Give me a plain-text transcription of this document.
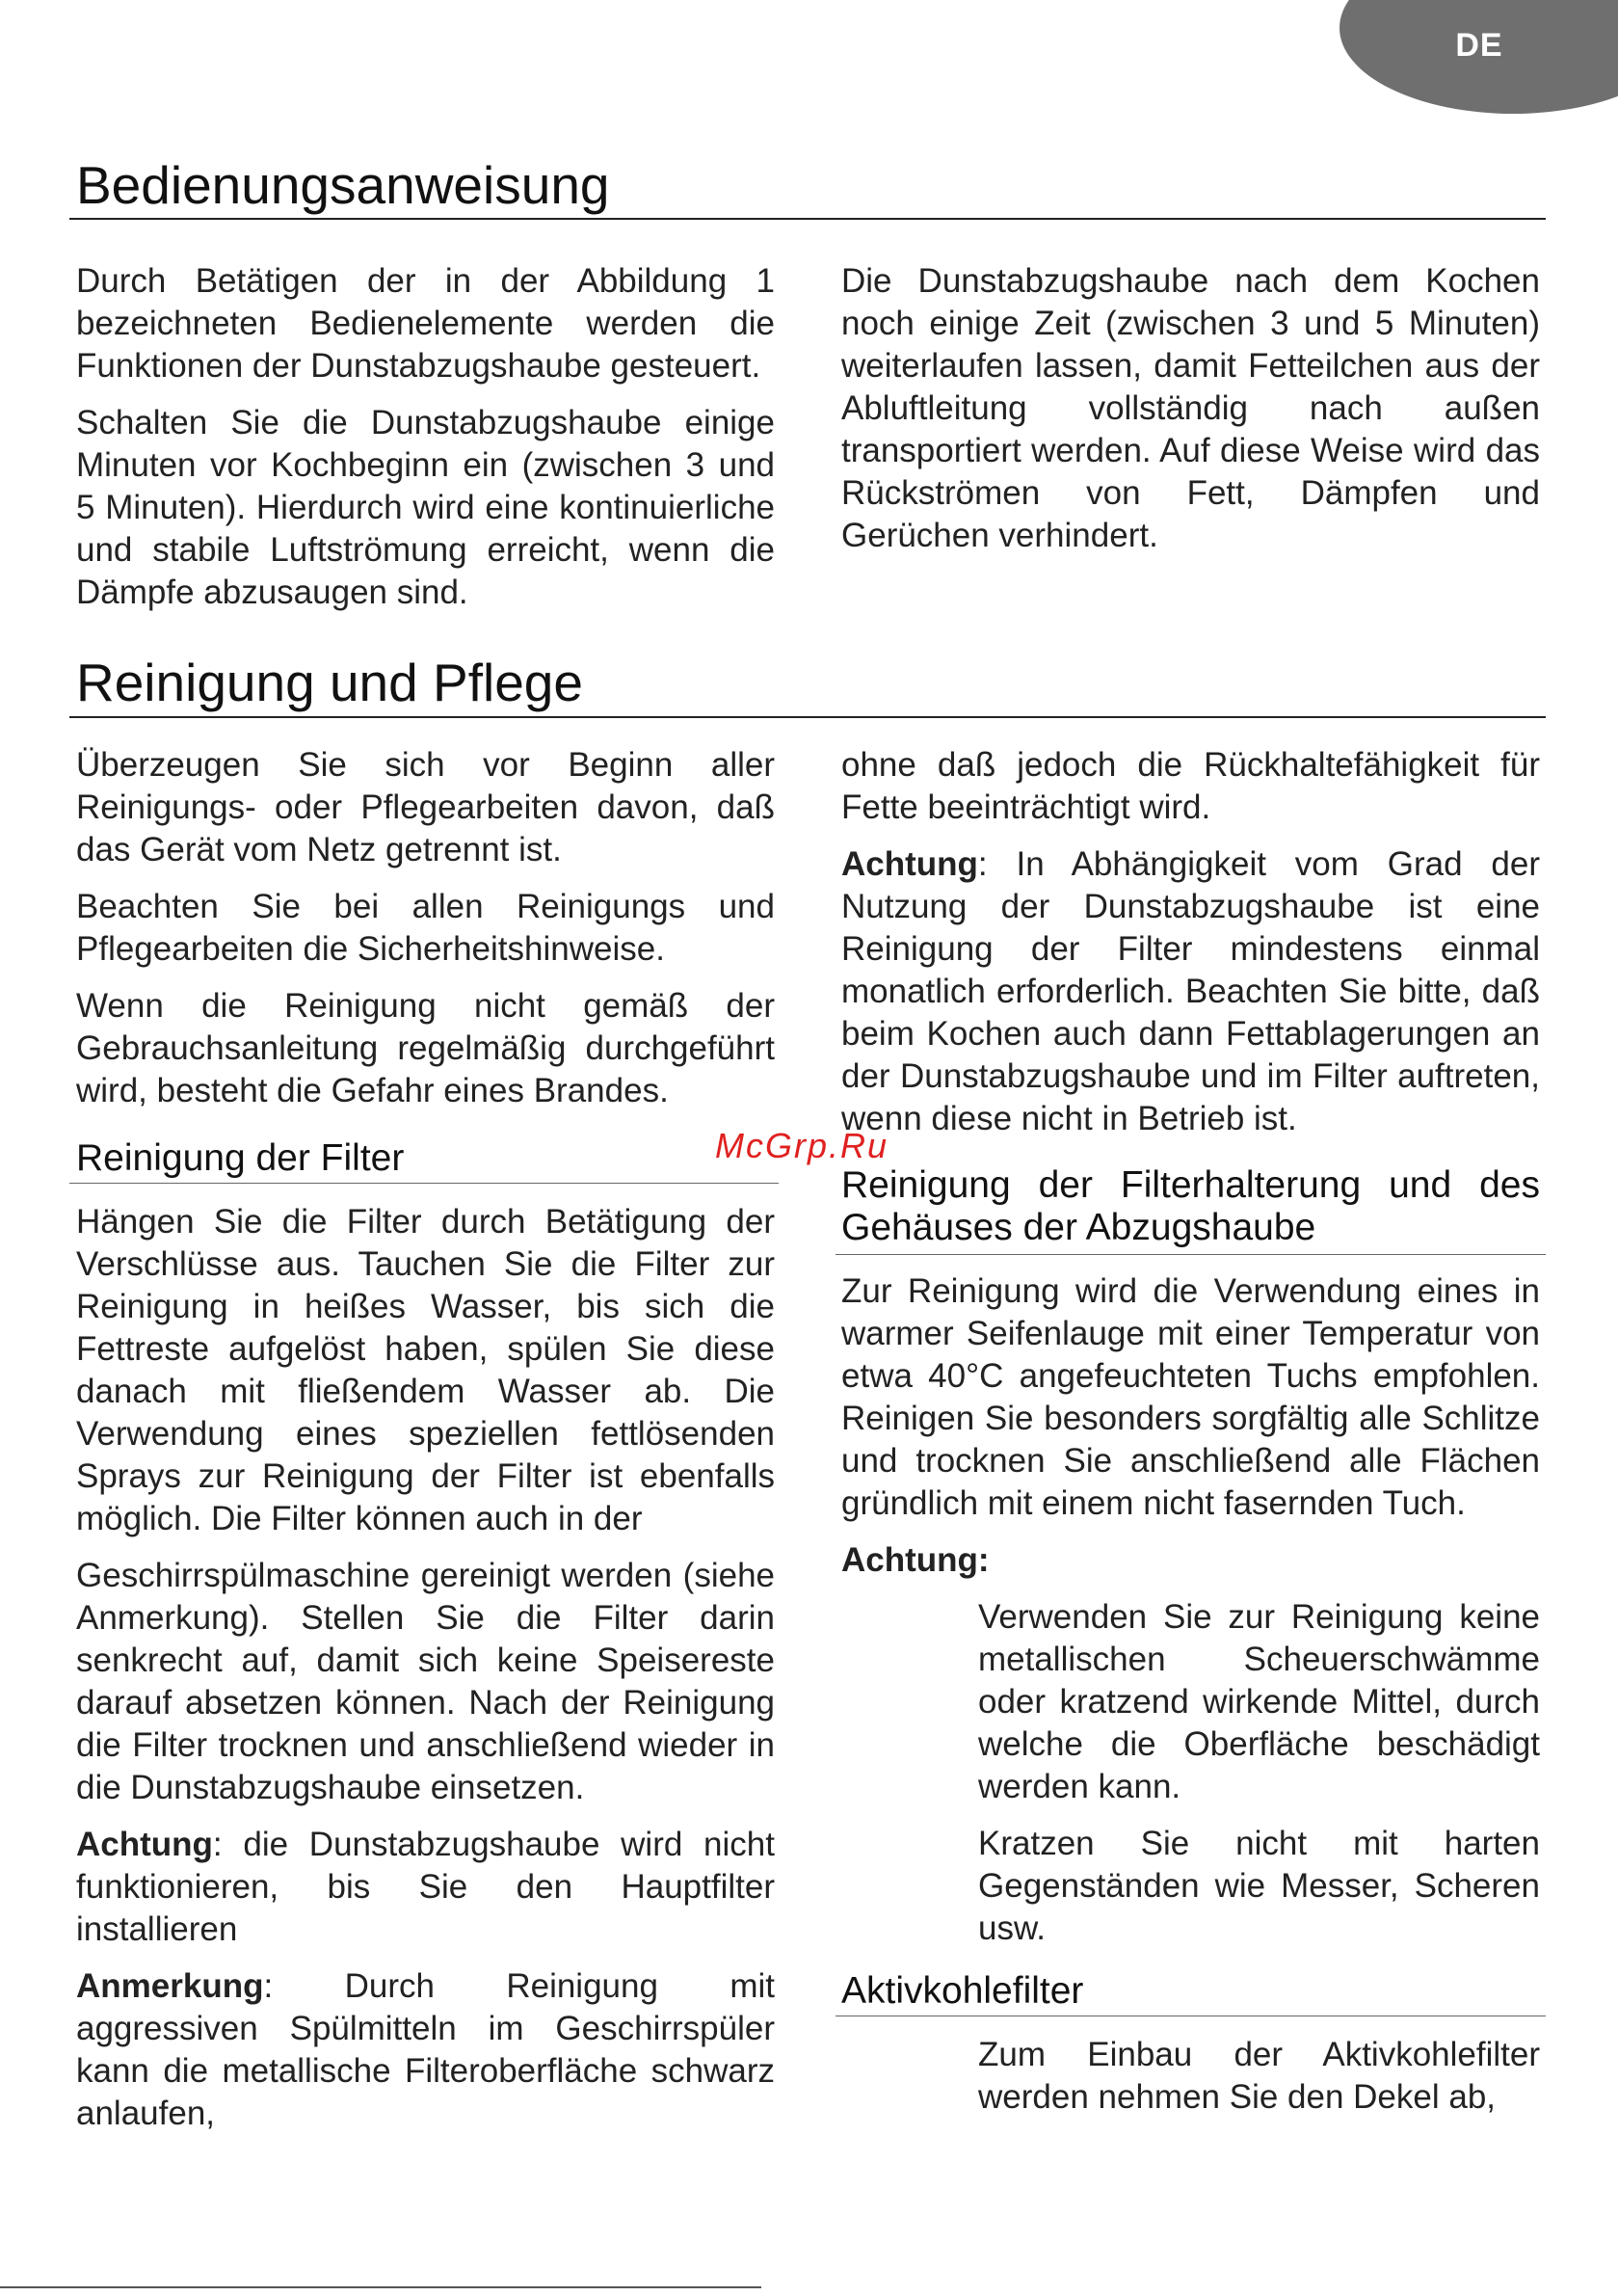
DE
Bedienungsanweisung

Durch Betätigen der in der Abbildung 1 bezeichneten Bedienelemente werden die Funktionen der Dunstabzugshaube gesteuert.

Schalten Sie die Dunstabzugshaube einige Minuten vor Kochbeginn ein (zwischen 3 und 5 Minuten). Hierdurch wird eine kontinuierliche und stabile Luftströmung erreicht, wenn die Dämpfe abzusaugen sind.

Die Dunstabzugshaube nach dem Kochen noch einige Zeit (zwischen 3 und 5 Minuten) weiterlaufen lassen, damit Fetteilchen aus der Abluftleitung vollständig nach außen transportiert werden. Auf diese Weise wird das Rückströmen von Fett, Dämpfen und Gerüchen verhindert.

Reinigung und Pflege

Überzeugen Sie sich vor Beginn aller Reinigungs- oder Pflegearbeiten davon, daß das Gerät vom Netz getrennt ist.

Beachten Sie bei allen Reinigungs und Pflegearbeiten die Sicherheitshinweise.

Wenn die Reinigung nicht gemäß der Gebrauchsanleitung regelmäßig durchgeführt wird, besteht die Gefahr eines Brandes.

Reinigung der Filter

Hängen Sie die Filter durch Betätigung der Verschlüsse aus. Tauchen Sie die Filter zur Reinigung in heißes Wasser, bis sich die Fettreste aufgelöst haben, spülen Sie diese danach mit fließendem Wasser ab. Die Verwendung eines speziellen fettlösenden Sprays zur Reinigung der Filter ist ebenfalls möglich. Die Filter können auch in der

Geschirrspülmaschine gereinigt werden (siehe Anmerkung). Stellen Sie die Filter darin senkrecht auf, damit sich keine Speisereste darauf absetzen können. Nach der Reinigung die Filter trocknen und anschließend wieder in die Dunstabzugshaube einsetzen.

Achtung: die Dunstabzugshaube wird nicht funktionieren, bis Sie den Hauptfilter installieren

Anmerkung: Durch Reinigung mit aggressiven Spülmitteln im Geschirrspüler kann die metallische Filteroberfläche schwarz anlaufen,

ohne daß jedoch die Rückhaltefähigkeit für Fette beeinträchtigt wird.

Achtung: In Abhängigkeit vom Grad der Nutzung der Dunstabzugshaube ist eine Reinigung der Filter mindestens einmal monatlich erforderlich. Beachten Sie bitte, daß beim Kochen auch dann Fettablagerungen an der Dunstabzugshaube und im Filter auftreten, wenn diese nicht in Betrieb ist.

McGrp.Ru
Reinigung der Filterhalterung und des Gehäuses der Abzugshaube

Zur Reinigung wird die Verwendung eines in warmer Seifenlauge mit einer Temperatur von etwa 40°C angefeuchteten Tuchs empfohlen. Reinigen Sie besonders sorgfältig alle Schlitze und trocknen Sie anschließend alle Flächen gründlich mit einem nicht fasernden Tuch.

Achtung:

Verwenden Sie zur Reinigung keine metallischen Scheuerschwämme oder kratzend wirkende Mittel, durch welche die Oberfläche beschädigt werden kann.

Kratzen Sie nicht mit harten Gegenständen wie Messer, Scheren usw.

Aktivkohlefilter

Zum Einbau der Aktivkohlefilter werden nehmen Sie den Dekel ab,
